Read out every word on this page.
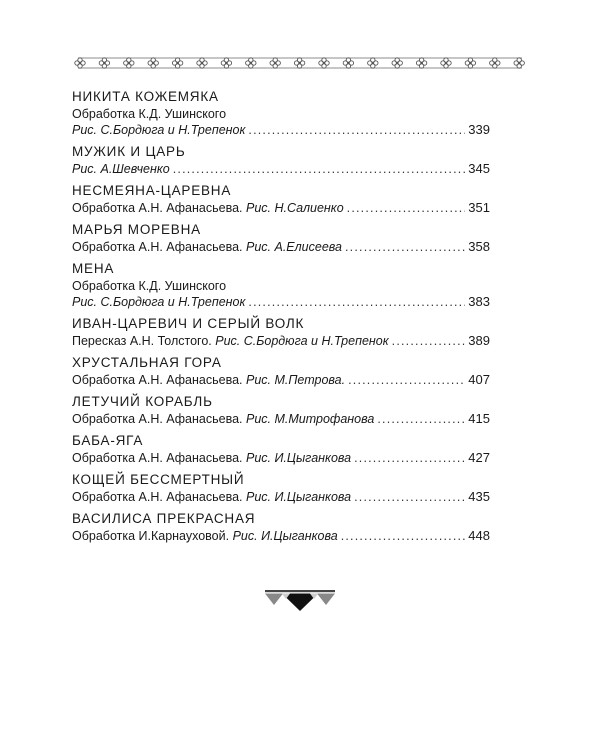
НИКИТА КОЖЕМЯКА
Обработка К.Д. Ушинского
Рис. С.Бордюга и Н.Трепенок .....	339
МУЖИК И ЦАРЬ
Рис. А.Шевченко .....	345
НЕСМЕЯНА-ЦАРЕВНА
Обработка А.Н. Афанасьева. Рис. Н.Салиенко .....	351
МАРЬЯ МОРЕВНА
Обработка А.Н. Афанасьева. Рис. А.Елисеева .....	358
МЕНА
Обработка К.Д. Ушинского
Рис. С.Бордюга и Н.Трепенок .....	383
ИВАН-ЦАРЕВИЧ И СЕРЫЙ ВОЛК
Пересказ А.Н. Толстого. Рис. С.Бордюга и Н.Трепенок .....	389
ХРУСТАЛЬНАЯ ГОРА
Обработка А.Н. Афанасьева. Рис. М.Петрова. .....	407
ЛЕТУЧИЙ КОРАБЛЬ
Обработка А.Н. Афанасьева. Рис. М.Митрофанова .....	415
БАБА-ЯГА
Обработка А.Н. Афанасьева. Рис. И.Цыганкова .....	427
КОЩЕЙ БЕССМЕРТНЫЙ
Обработка А.Н. Афанасьева. Рис. И.Цыганкова .....	435
ВАСИЛИСА ПРЕКРАСНАЯ
Обработка И.Карнауховой. Рис. И.Цыганкова .....	448
